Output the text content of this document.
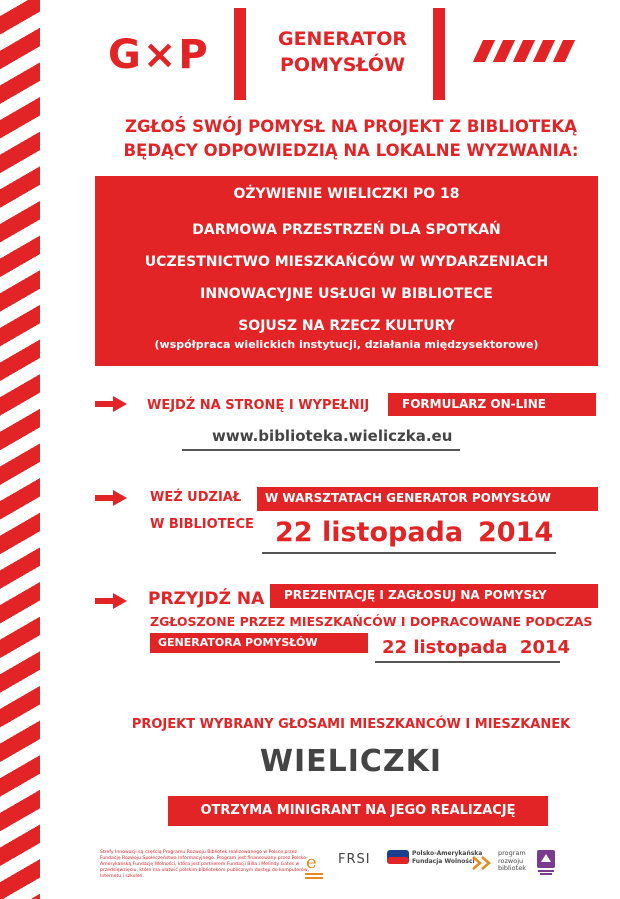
G×P	GENERATOR
POMYSŁÓW
ZGŁOŚ SWÓJ POMYSŁ NA PROJEKT Z BIBLIOTEKĄ
BĘDĄCY ODPOWIEDZIĄ NA LOKALNE WYZWANIA:
OŻYWIENIE WIELICZKI PO 18
DARMOWA PRZESTRZEŃ DLA SPOTKAŃ
UCZESTNICTWO MIESZKAŃCÓW W WYDARZENIACH
INNOWACYJNE USŁUGI W BIBLIOTECE
SOJUSZ NA RZECZ KULTURY
(współpraca wielickich instytucji, działania międzysektorowe)
WEJDŹ NA STRONĘ I WYPEŁNIJ	FORMULARZ ON-LINE
www.biblioteka.wieliczka.eu
WEŹ UDZIAŁ	W WARSZTATACH GENERATOR POMYSŁÓW
W BIBLIOTECE 22 listopada 2014
PRZYJDŹ NA	PREZENTACJĘ I ZAGŁOSUJ NA POMYSŁY
ZGŁOSZONE PRZEZ MIESZKAŃCÓW I DOPRACOWANE PODCZAS
GENERATORA POMYSŁÓW	22 listopada  2014
PROJEKT WYBRANY GŁOSAMI MIESZKANCÓW I MIESZKANEK
WIELICZKI
OTRZYMA MINIGRANT NA JEGO REALIZACJĘ
Strefy Innowacji są częścią Programu Rozwoju Bibliotek realizowanego w Polsce przez Fundację Rozwoju Społeczeństwa Informacyjnego. Program jest finansowany przez Polsko-Amerykańską Fundację Wolności, która jest partnerem Fundacji Billa i Melindy Gates w przedsięwzięciu, które ma ułatwić polskim bibliotekom publicznym dostęp do komputerów, Internetu i szkoleń.
e FRSI	Polsko-Amerykańska
Fundacja Wolności
program
rozwoju
bibliotek
